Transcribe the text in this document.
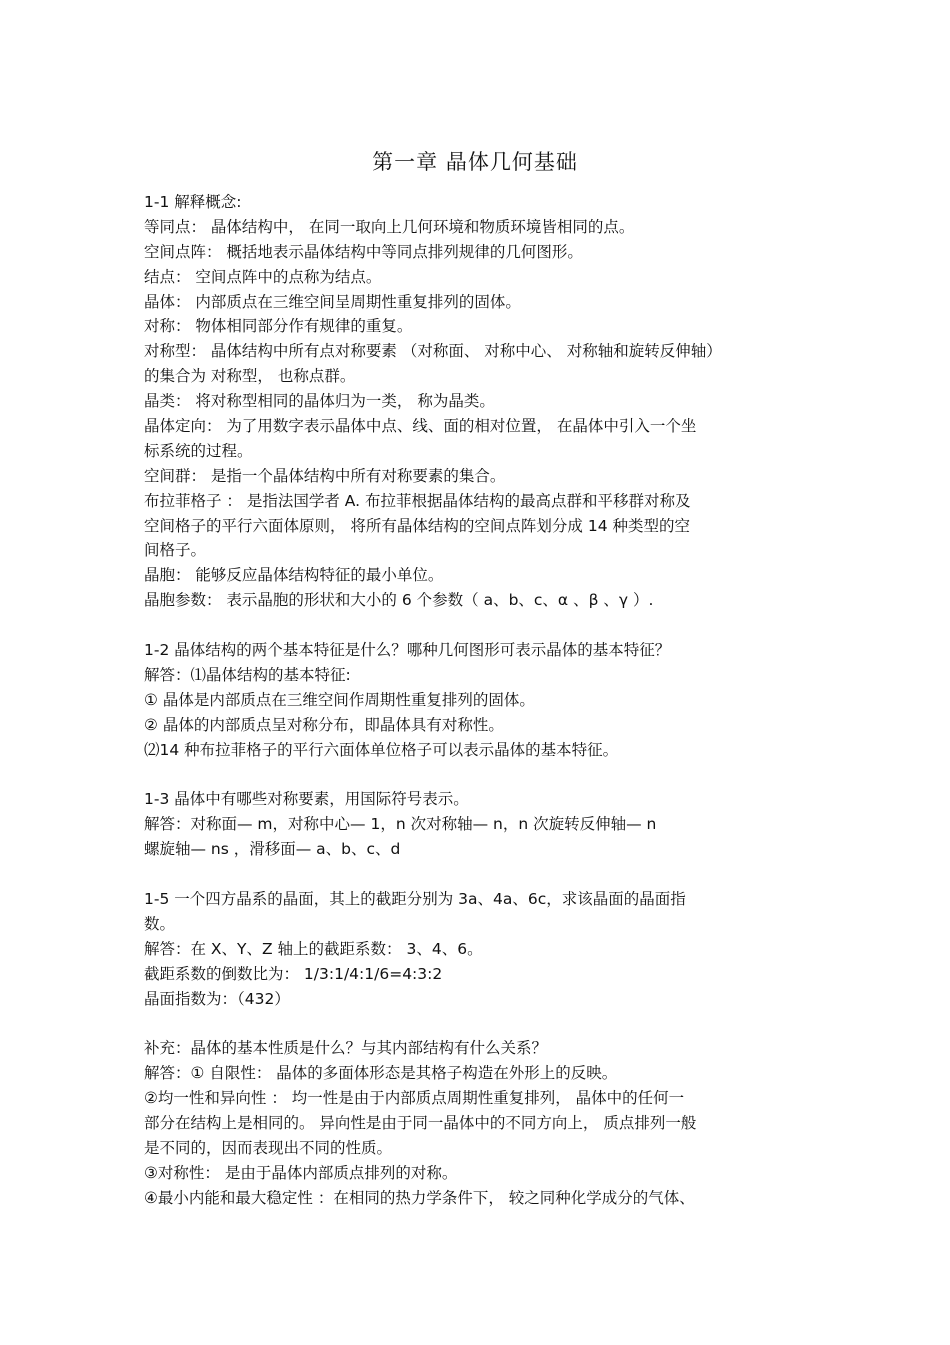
第一章 晶体几何基础
1-1 解释概念:
等同点： 晶体结构中， 在同一取向上几何环境和物质环境皆相同的点。
空间点阵： 概括地表示晶体结构中等同点排列规律的几何图形。
结点： 空间点阵中的点称为结点。
晶体： 内部质点在三维空间呈周期性重复排列的固体。
对称： 物体相同部分作有规律的重复。
对称型： 晶体结构中所有点对称要素 （对称面、 对称中心、 对称轴和旋转反伸轴）
的集合为 对称型， 也称点群。
晶类： 将对称型相同的晶体归为一类， 称为晶类。
晶体定向： 为了用数字表示晶体中点、线、面的相对位置， 在晶体中引入一个坐
标系统的过程。
空间群： 是指一个晶体结构中所有对称要素的集合。
布拉菲格子 ： 是指法国学者 A. 布拉菲根据晶体结构的最高点群和平移群对称及
空间格子的平行六面体原则， 将所有晶体结构的空间点阵划分成 14 种类型的空
间格子。
晶胞： 能够反应晶体结构特征的最小单位。
晶胞参数： 表示晶胞的形状和大小的 6 个参数（ a、b、c、α 、β 、γ ）.
1-2 晶体结构的两个基本特征是什么？哪种几何图形可表示晶体的基本特征？
解答：⑴晶体结构的基本特征:
① 晶体是内部质点在三维空间作周期性重复排列的固体。
② 晶体的内部质点呈对称分布，即晶体具有对称性。
⑵14 种布拉菲格子的平行六面体单位格子可以表示晶体的基本特征。
1-3 晶体中有哪些对称要素，用国际符号表示。
解答：对称面— m，对称中心— 1，n 次对称轴— n，n 次旋转反伸轴— n
螺旋轴— ns ，滑移面— a、b、c、d
1-5 一个四方晶系的晶面，其上的截距分别为 3a、4a、6c，求该晶面的晶面指
数。
解答：在 X、Y、Z 轴上的截距系数： 3、4、6。
截距系数的倒数比为： 1/3:1/4:1/6=4:3:2
晶面指数为：（432）
补充：晶体的基本性质是什么？与其内部结构有什么关系？
解答：① 自限性： 晶体的多面体形态是其格子构造在外形上的反映。
②均一性和异向性 ： 均一性是由于内部质点周期性重复排列， 晶体中的任何一
部分在结构上是相同的。 异向性是由于同一晶体中的不同方向上， 质点排列一般
是不同的，因而表现出不同的性质。
③对称性： 是由于晶体内部质点排列的对称。
④最小内能和最大稳定性 ：在相同的热力学条件下， 较之同种化学成分的气体、
